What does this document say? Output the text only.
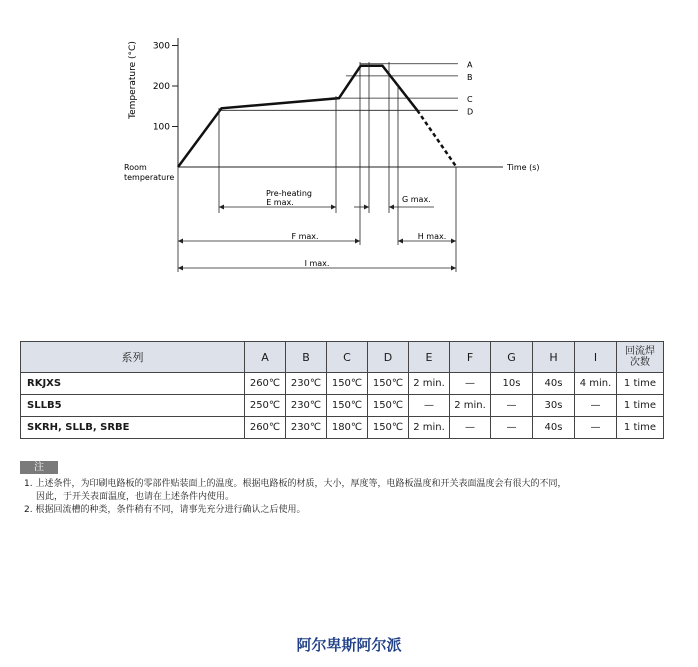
300
200
100
Temperature (°C)
Time (s)
Room temperature
A
B
C
D
Pre-heating
E max.	G max.
F max.	H max.
I max.
系列	A	B	C	D	E	F	G	H	I	回流焊
次数
RKJXS	260℃	230℃	150℃	150℃	2 min.	—	10s	40s	4 min.	1 time
SLLB5	250℃	230℃	150℃	150℃	—	2 min.	—	30s	—	1 time
SKRH, SLLB, SRBE	260℃	230℃	180℃	150℃	2 min.	—	—	40s	—	1 time
注
1. 上述条件，为印刷电路板的零部件贴装面上的温度。根据电路板的材质，大小，厚度等，电路板温度和开关表面温度会有很大的不同，
因此，于开关表面温度，也请在上述条件内使用。
2. 根据回流槽的种类，条件稍有不同，请事先充分进行确认之后使用。
阿尔卑斯阿尔派
